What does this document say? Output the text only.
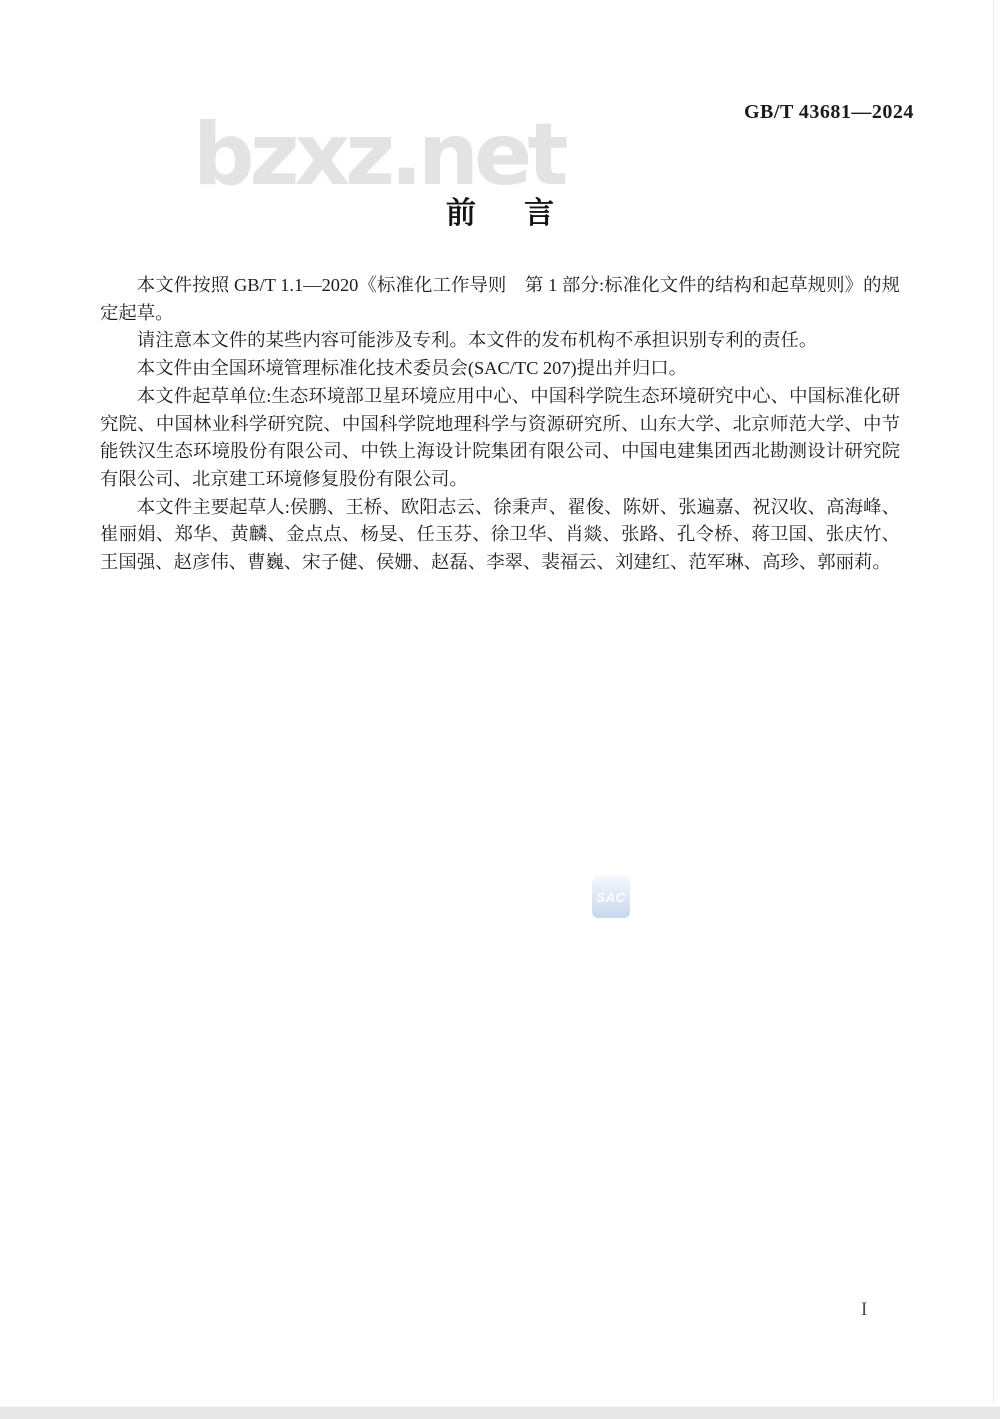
GB/T 43681—2024
bzxz.net
前 言

本文件按照 GB/T 1.1—2020《标准化工作导则　第 1 部分:标准化文件的结构和起草规则》的规定起草。

请注意本文件的某些内容可能涉及专利。本文件的发布机构不承担识别专利的责任。

本文件由全国环境管理标准化技术委员会(SAC/TC 207)提出并归口。

本文件起草单位:生态环境部卫星环境应用中心、中国科学院生态环境研究中心、中国标准化研究院、中国林业科学研究院、中国科学院地理科学与资源研究所、山东大学、北京师范大学、中节能铁汉生态环境股份有限公司、中铁上海设计院集团有限公司、中国电建集团西北勘测设计研究院有限公司、北京建工环境修复股份有限公司。

本文件主要起草人:侯鹏、王桥、欧阳志云、徐秉声、翟俊、陈妍、张遍嘉、祝汉收、高海峰、崔丽娟、郑华、黄麟、金点点、杨旻、任玉芬、徐卫华、肖燚、张路、孔令桥、蒋卫国、张庆竹、王国强、赵彦伟、曹巍、宋子健、侯姗、赵磊、李翠、裴福云、刘建红、范军琳、高珍、郭丽莉。

SAC
I
